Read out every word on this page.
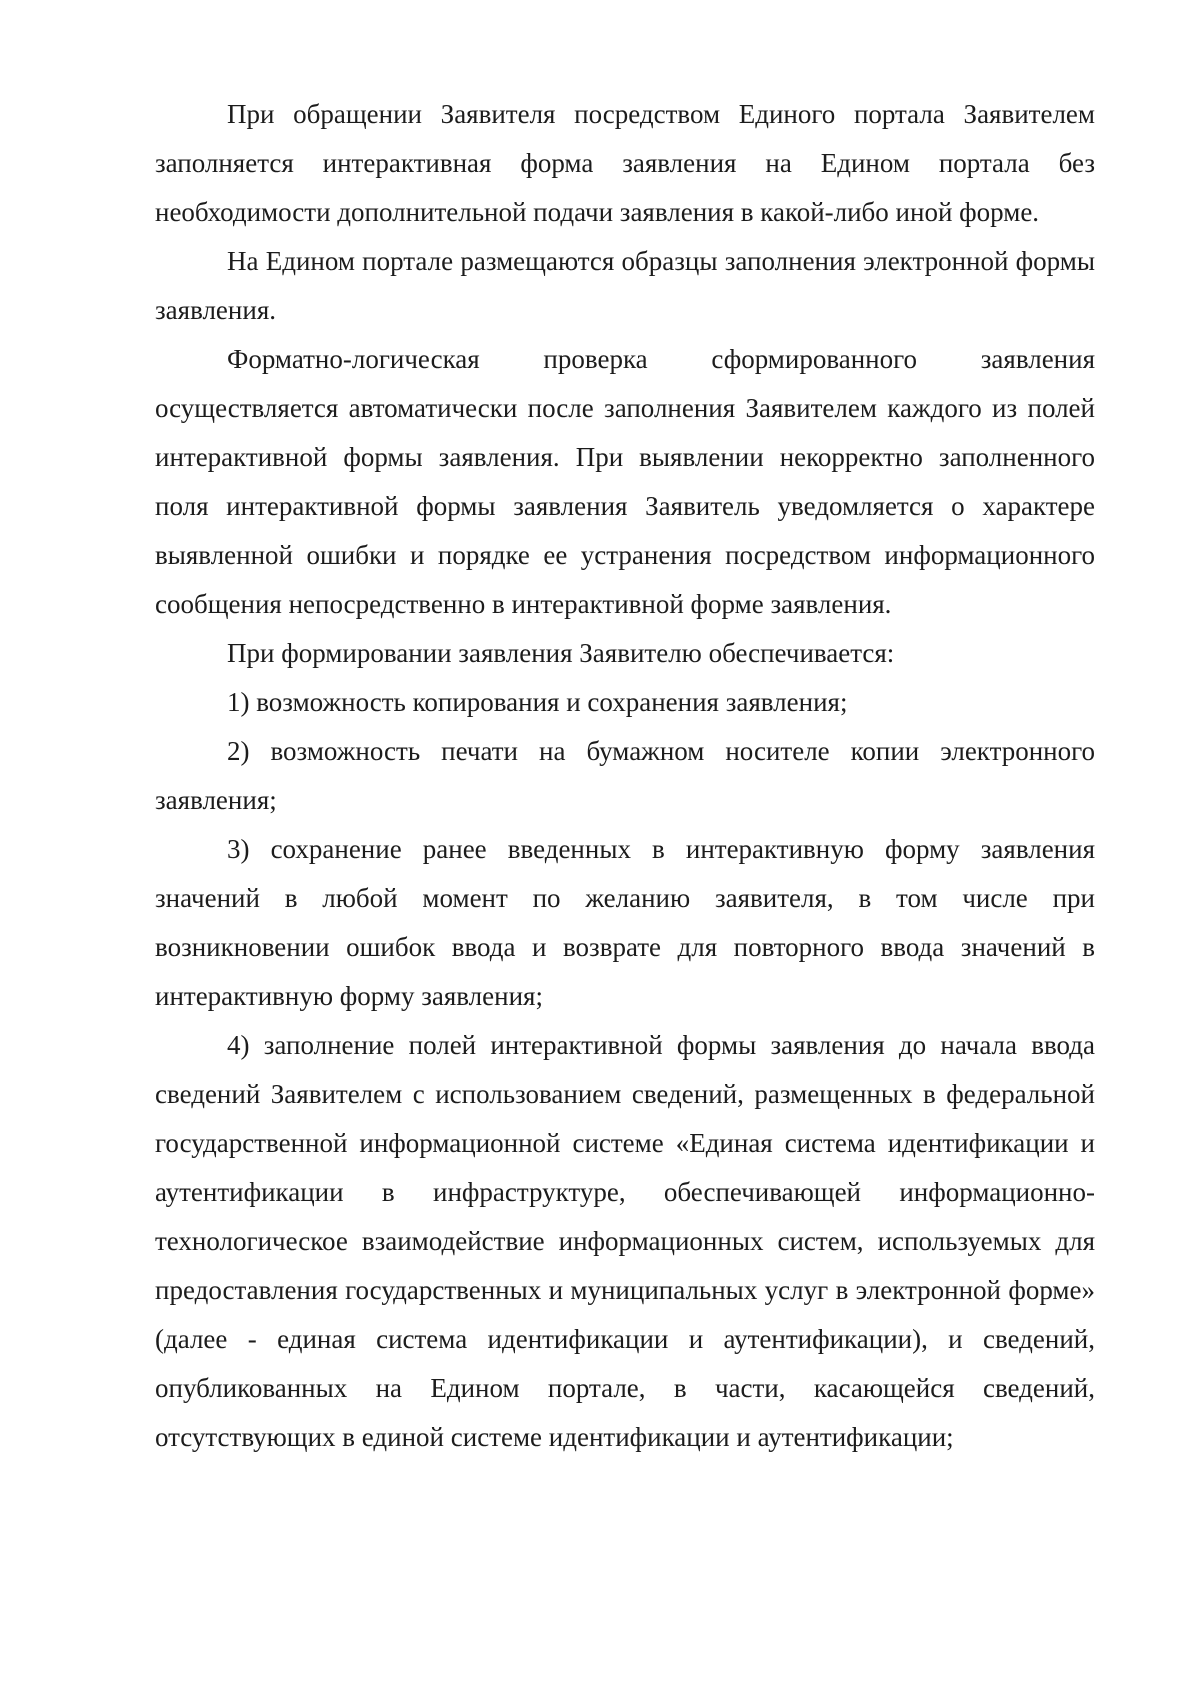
При обращении Заявителя посредством Единого портала Заявителем заполняется интерактивная форма заявления на Едином портала без необходимости дополнительной подачи заявления в какой-либо иной форме.

На Едином портале размещаются образцы заполнения электронной формы заявления.

Форматно-логическая проверка сформированного заявления осуществляется автоматически после заполнения Заявителем каждого из полей интерактивной формы заявления. При выявлении некорректно заполненного поля интерактивной формы заявления Заявитель уведомляется о характере выявленной ошибки и порядке ее устранения посредством информационного сообщения непосредственно в интерактивной форме заявления.

При формировании заявления Заявителю обеспечивается:

1) возможность копирования и сохранения заявления;

2) возможность печати на бумажном носителе копии электронного заявления;

3) сохранение ранее введенных в интерактивную форму заявления значений в любой момент по желанию заявителя, в том числе при возникновении ошибок ввода и возврате для повторного ввода значений в интерактивную форму заявления;

4) заполнение полей интерактивной формы заявления до начала ввода сведений Заявителем с использованием сведений, размещенных в федеральной государственной информационной системе «Единая система идентификации и аутентификации в инфраструктуре, обеспечивающей информационно-технологическое взаимодействие информационных систем, используемых для предоставления государственных и муниципальных услуг в электронной форме» (далее - единая система идентификации и аутентификации), и сведений, опубликованных на Едином портале, в части, касающейся сведений, отсутствующих в единой системе идентификации и аутентификации;
